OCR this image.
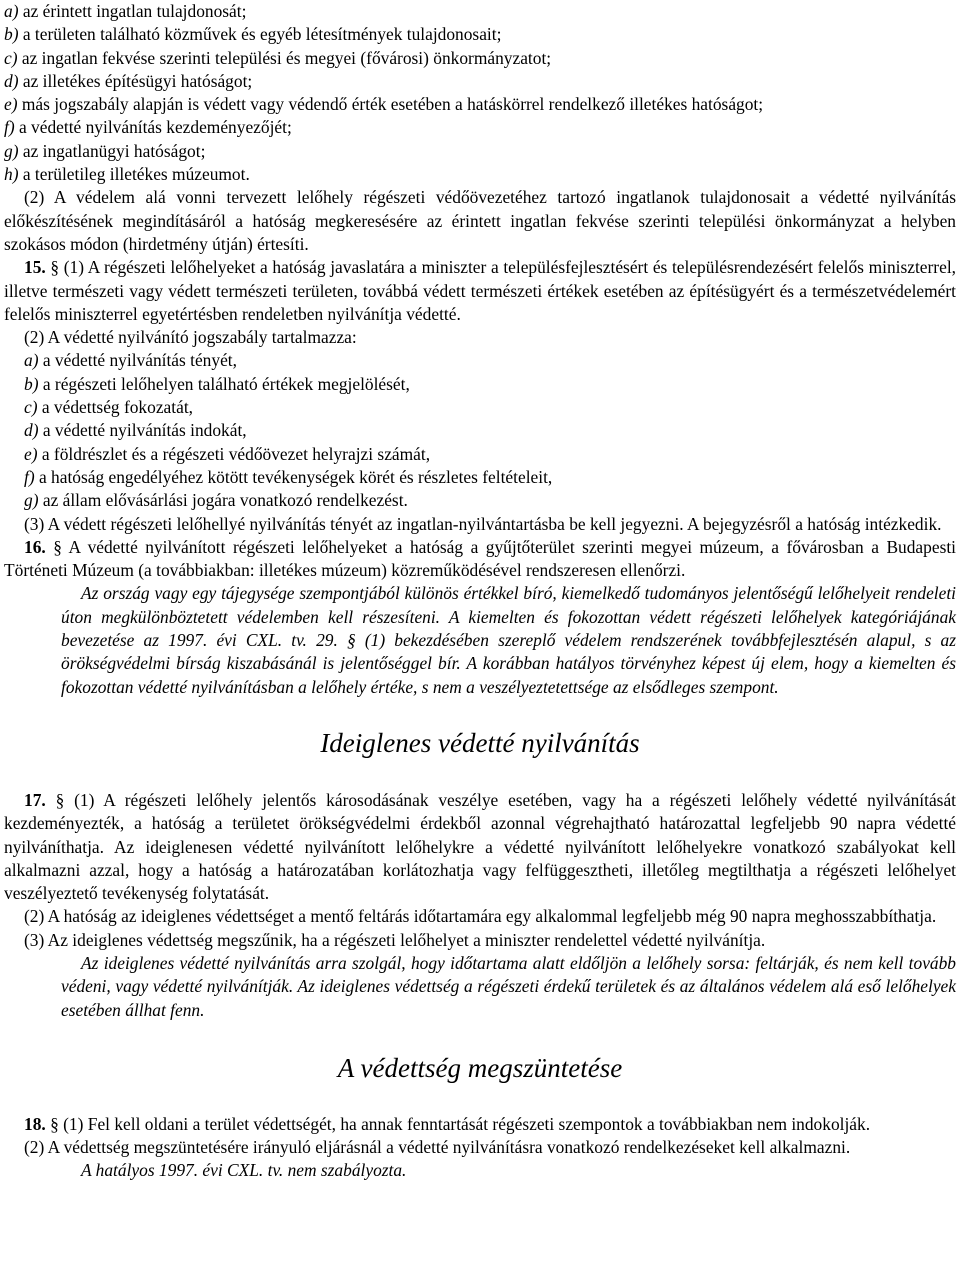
a) az érintett ingatlan tulajdonosát;

b) a területen található közművek és egyéb létesítmények tulajdonosait;

c) az ingatlan fekvése szerinti települési és megyei (fővárosi) önkormányzatot;

d) az illetékes építésügyi hatóságot;

e) más jogszabály alapján is védett vagy védendő érték esetében a hatáskörrel rendelkező illetékes hatóságot;

f) a védetté nyilvánítás kezdeményezőjét;

g) az ingatlanügyi hatóságot;

h) a területileg illetékes múzeumot.

(2) A védelem alá vonni tervezett lelőhely régészeti védőövezetéhez tartozó ingatlanok tulajdonosait a védetté nyilvánítás előkészítésének megindításáról a hatóság megkeresésére az érintett ingatlan fekvése szerinti települési önkormányzat a helyben szokásos módon (hirdetmény útján) értesíti.

15. § (1) A régészeti lelőhelyeket a hatóság javaslatára a miniszter a településfejlesztésért és településrendezésért felelős miniszterrel, illetve természeti vagy védett természeti területen, továbbá védett természeti értékek esetében az építésügyért és a természetvédelemért felelős miniszterrel egyetértésben rendeletben nyilvánítja védetté.

(2) A védetté nyilvánító jogszabály tartalmazza:

a) a védetté nyilvánítás tényét,

b) a régészeti lelőhelyen található értékek megjelölését,

c) a védettség fokozatát,

d) a védetté nyilvánítás indokát,

e) a földrészlet és a régészeti védőövezet helyrajzi számát,

f) a hatóság engedélyéhez kötött tevékenységek körét és részletes feltételeit,

g) az állam elővásárlási jogára vonatkozó rendelkezést.

(3) A védett régészeti lelőhellyé nyilvánítás tényét az ingatlan-nyilvántartásba be kell jegyezni. A bejegyzésről a hatóság intézkedik.

16. § A védetté nyilvánított régészeti lelőhelyeket a hatóság a gyűjtőterület szerinti megyei múzeum, a fővárosban a Budapesti Történeti Múzeum (a továbbiakban: illetékes múzeum) közreműködésével rendszeresen ellenőrzi.

Az ország vagy egy tájegysége szempontjából különös értékkel bíró, kiemelkedő tudományos jelentőségű lelőhelyeit rendeleti úton megkülönböztetett védelemben kell részesíteni. A kiemelten és fokozottan védett régészeti lelőhelyek kategóriájának bevezetése az 1997. évi CXL. tv. 29. § (1) bekezdésében szereplő védelem rendszerének továbbfejlesztésén alapul, s az örökségvédelmi bírság kiszabásánál is jelentőséggel bír. A korábban hatályos törvényhez képest új elem, hogy a kiemelten és fokozottan védetté nyilvánításban a lelőhely értéke, s nem a veszélyeztetettsége az elsődleges szempont.

Ideiglenes védetté nyilvánítás

17. § (1) A régészeti lelőhely jelentős károsodásának veszélye esetében, vagy ha a régészeti lelőhely védetté nyilvánítását kezdeményezték, a hatóság a területet örökségvédelmi érdekből azonnal végrehajtható határozattal legfeljebb 90 napra védetté nyilváníthatja. Az ideiglenesen védetté nyilvánított lelőhelykre a védetté nyilvánított lelőhelyekre vonatkozó szabályokat kell alkalmazni azzal, hogy a hatóság a határozatában korlátozhatja vagy felfüggesztheti, illetőleg megtilthatja a régészeti lelőhelyet veszélyeztető tevékenység folytatását.

(2) A hatóság az ideiglenes védettséget a mentő feltárás időtartamára egy alkalommal legfeljebb még 90 napra meghosszabbíthatja.

(3) Az ideiglenes védettség megszűnik, ha a régészeti lelőhelyet a miniszter rendelettel védetté nyilvánítja.

Az ideiglenes védetté nyilvánítás arra szolgál, hogy időtartama alatt eldőljön a lelőhely sorsa: feltárják, és nem kell tovább védeni, vagy védetté nyilvánítják. Az ideiglenes védettség a régészeti érdekű területek és az általános védelem alá eső lelőhelyek esetében állhat fenn.

A védettség megszüntetése

18. § (1) Fel kell oldani a terület védettségét, ha annak fenntartását régészeti szempontok a továbbiakban nem indokolják.

(2) A védettség megszüntetésére irányuló eljárásnál a védetté nyilvánításra vonatkozó rendelkezéseket kell alkalmazni.

A hatályos 1997. évi CXL. tv. nem szabályozta.
